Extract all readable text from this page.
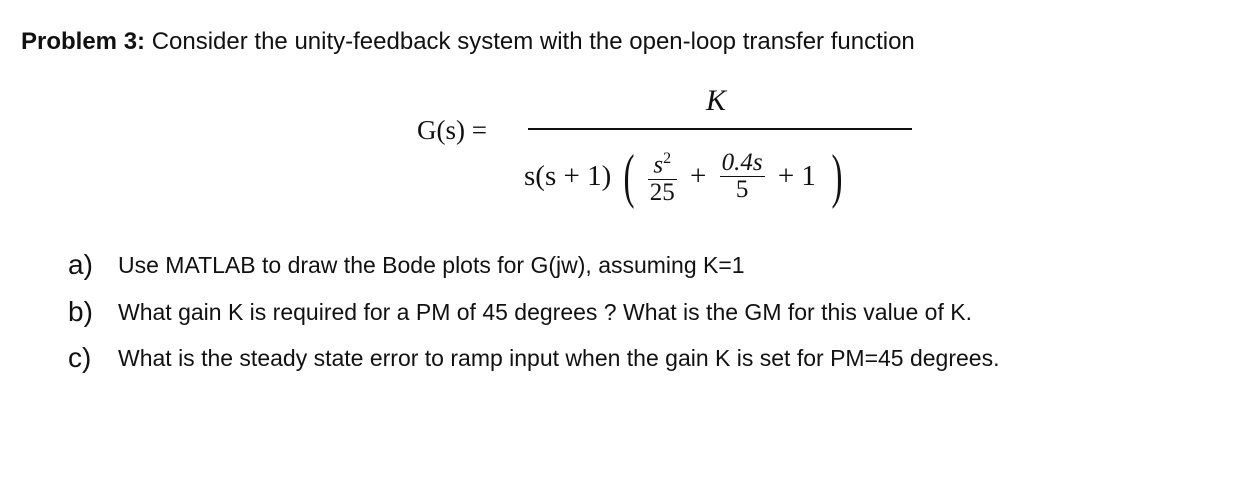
Problem 3: Consider the unity-feedback system with the open-loop transfer function
G(s) =
K
s(s + 1) ( $\frac{s^2}{25} + \frac{0.4s}{5} + 1$ )
a)	Use MATLAB to draw the Bode plots for G(jw), assuming K=1
b)	What gain K is required for a PM of 45 degrees ? What is the GM for this value of K.
c)	What is the steady state error to ramp input when the gain K is set for PM=45 degrees.
